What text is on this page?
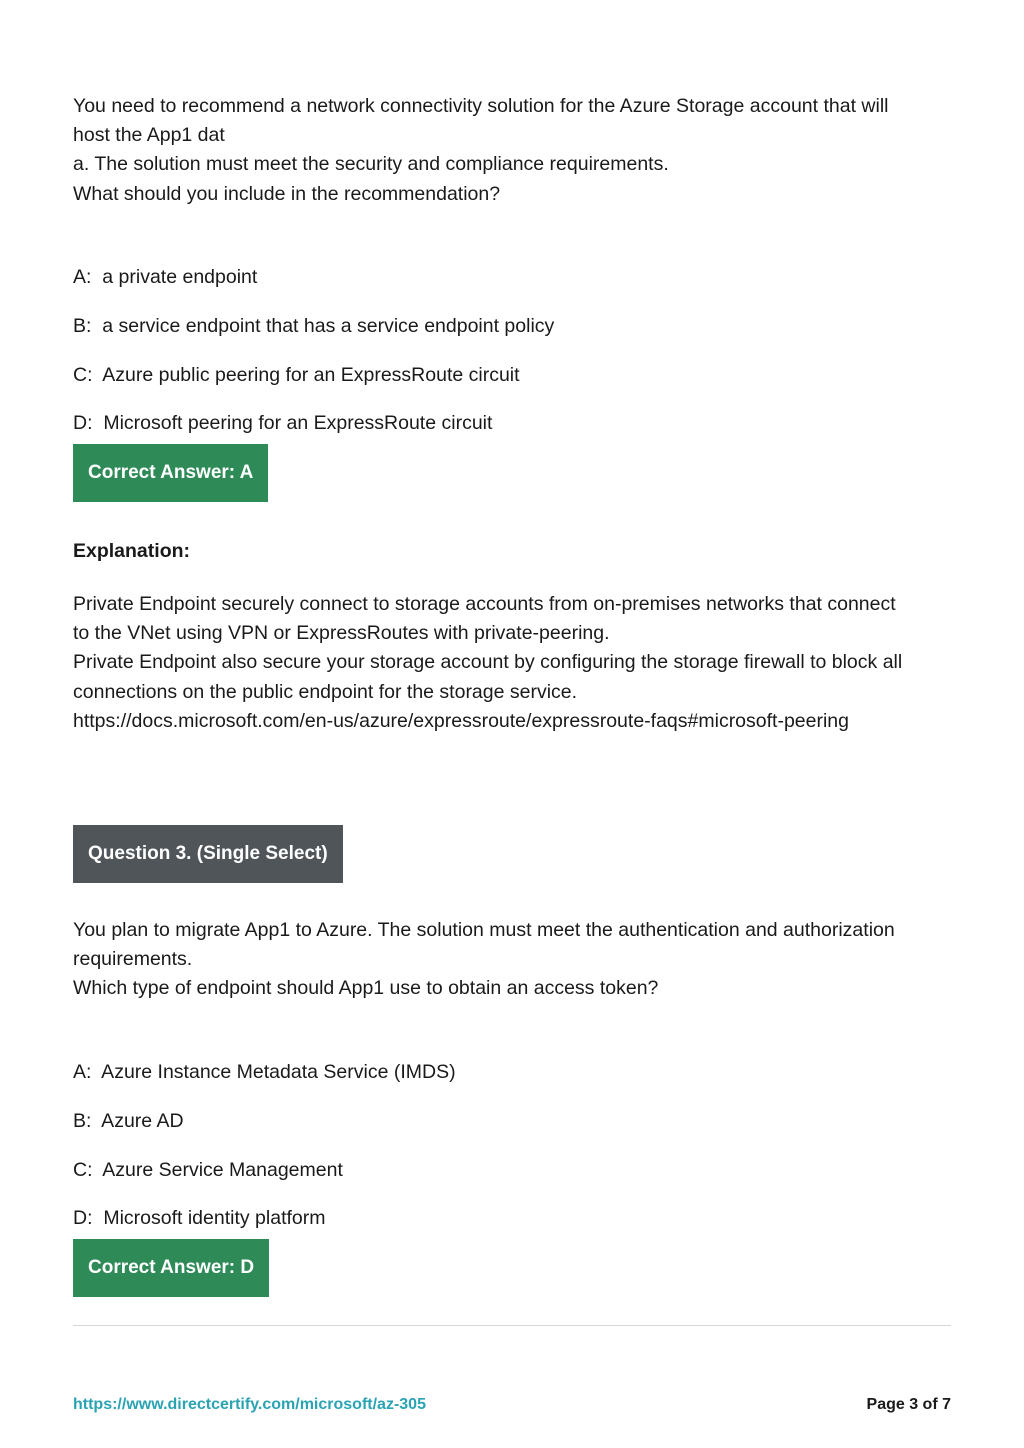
You need to recommend a network connectivity solution for the Azure Storage account that will
host the App1 dat
a. The solution must meet the security and compliance requirements.
What should you include in the recommendation?

A:  a private endpoint

B:  a service endpoint that has a service endpoint policy

C:  Azure public peering for an ExpressRoute circuit

D:  Microsoft peering for an ExpressRoute circuit

Correct Answer: A

Explanation:

Private Endpoint securely connect to storage accounts from on-premises networks that connect
to the VNet using VPN or ExpressRoutes with private-peering.
Private Endpoint also secure your storage account by configuring the storage firewall to block all
connections on the public endpoint for the storage service.
https://docs.microsoft.com/en-us/azure/expressroute/expressroute-faqs#microsoft-peering

Question 3. (Single Select)

You plan to migrate App1 to Azure. The solution must meet the authentication and authorization
requirements.
Which type of endpoint should App1 use to obtain an access token?

A:  Azure Instance Metadata Service (IMDS)

B:  Azure AD

C:  Azure Service Management

D:  Microsoft identity platform

Correct Answer: D
https://www.directcertify.com/microsoft/az-305	Page 3 of 7
